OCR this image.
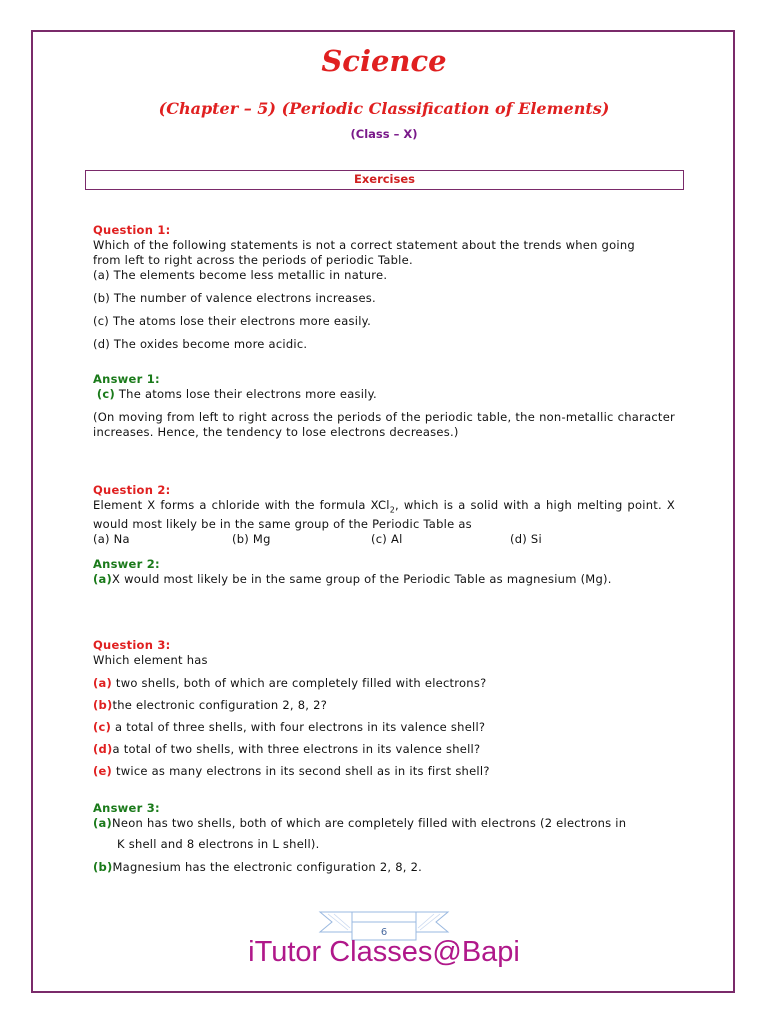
Science
(Chapter – 5) (Periodic Classification of Elements)
(Class – X)
Exercises
Question 1:
Which of the following statements is not a correct statement about the trends when going
from left to right across the periods of periodic Table.
(a) The elements become less metallic in nature.
(b) The number of valence electrons increases.
(c) The atoms lose their electrons more easily.
(d) The oxides become more acidic.
Answer 1:
(c) The atoms lose their electrons more easily.
(On moving from left to right across the periods of the periodic table, the non-metallic character increases. Hence, the tendency to lose electrons decreases.)
Question 2:
Element X forms a chloride with the formula XCl$_2$, which is a solid with a high melting point. X would most likely be in the same group of the Periodic Table as
(a) Na	(b) Mg	(c) Al	(d) Si
Answer 2:
(a)X would most likely be in the same group of the Periodic Table as magnesium (Mg).
Question 3:
Which element has
(a) two shells, both of which are completely filled with electrons?
(b)the electronic configuration 2, 8, 2?
(c) a total of three shells, with four electrons in its valence shell?
(d)a total of two shells, with three electrons in its valence shell?
(e) twice as many electrons in its second shell as in its first shell?
Answer 3:
(a)Neon has two shells, both of which are completely filled with electrons (2 electrons in
K shell and 8 electrons in L shell).
(b)Magnesium has the electronic configuration 2, 8, 2.
6
iTutor Classes@Bapi
